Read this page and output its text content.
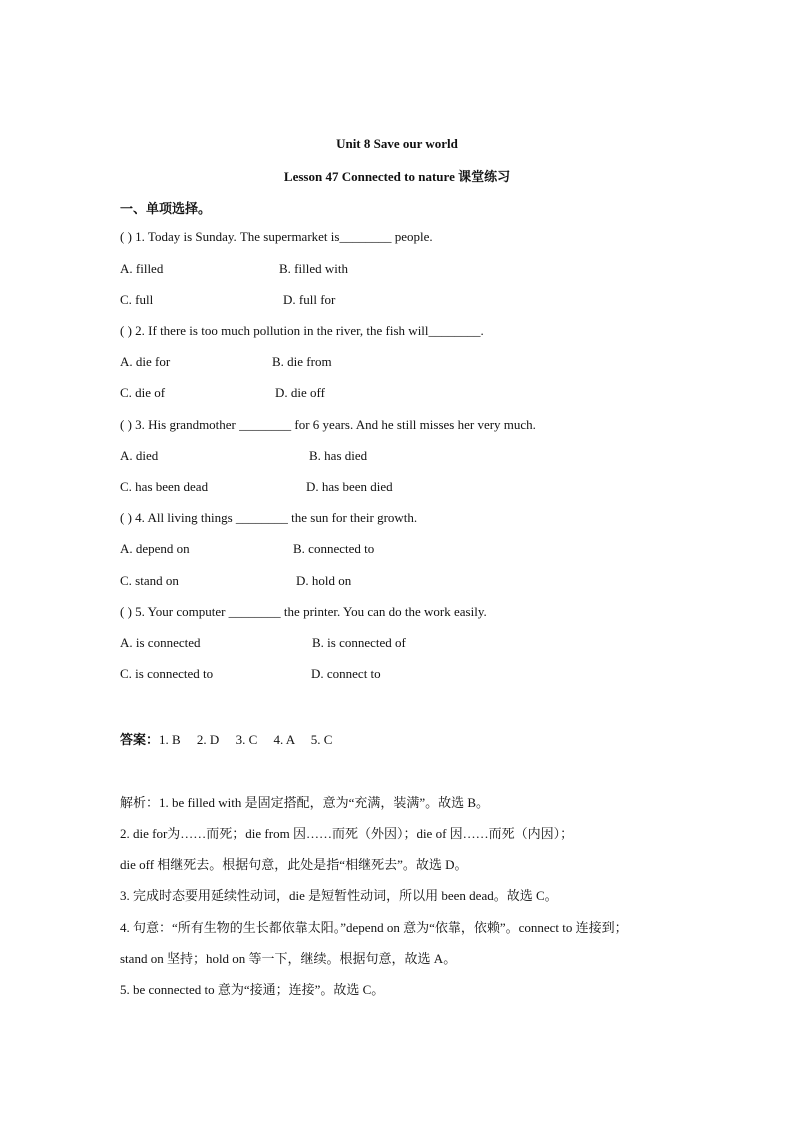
Unit 8 Save our world
Lesson 47 Connected to nature 课堂练习
一、单项选择。
( ) 1. Today is Sunday. The supermarket is________ people.
A. filled	B. filled with
C. full	D. full for
( ) 2. If there is too much pollution in the river, the fish will________.
A. die for	B. die from
C. die of	D. die off
( ) 3. His grandmother ________ for 6 years. And he still misses her very much.
A. died	B. has died
C. has been dead	D. has been died
( ) 4. All living things ________ the sun for their growth.
A. depend on	B. connected to
C. stand on	D. hold on
( ) 5. Your computer ________ the printer. You can do the work easily.
A. is connected	B. is connected of
C. is connected to	D. connect to
答案：1. B     2. D     3. C     4. A     5. C
解析：1. be filled with 是固定搭配，意为“充满，装满”。故选 B。
2. die for为……而死；die from 因……而死（外因）；die of 因……而死（内因）；
die off 相继死去。根据句意，此处是指“相继死去”。故选 D。
3. 完成时态要用延续性动词，die 是短暂性动词，所以用 been dead。故选 C。
4. 句意：“所有生物的生长都依靠太阳。”depend on 意为“依靠，依赖”。connect to 连接到；
stand on 坚持；hold on 等一下，继续。根据句意，故选 A。
5. be connected to 意为“接通；连接”。故选 C。
